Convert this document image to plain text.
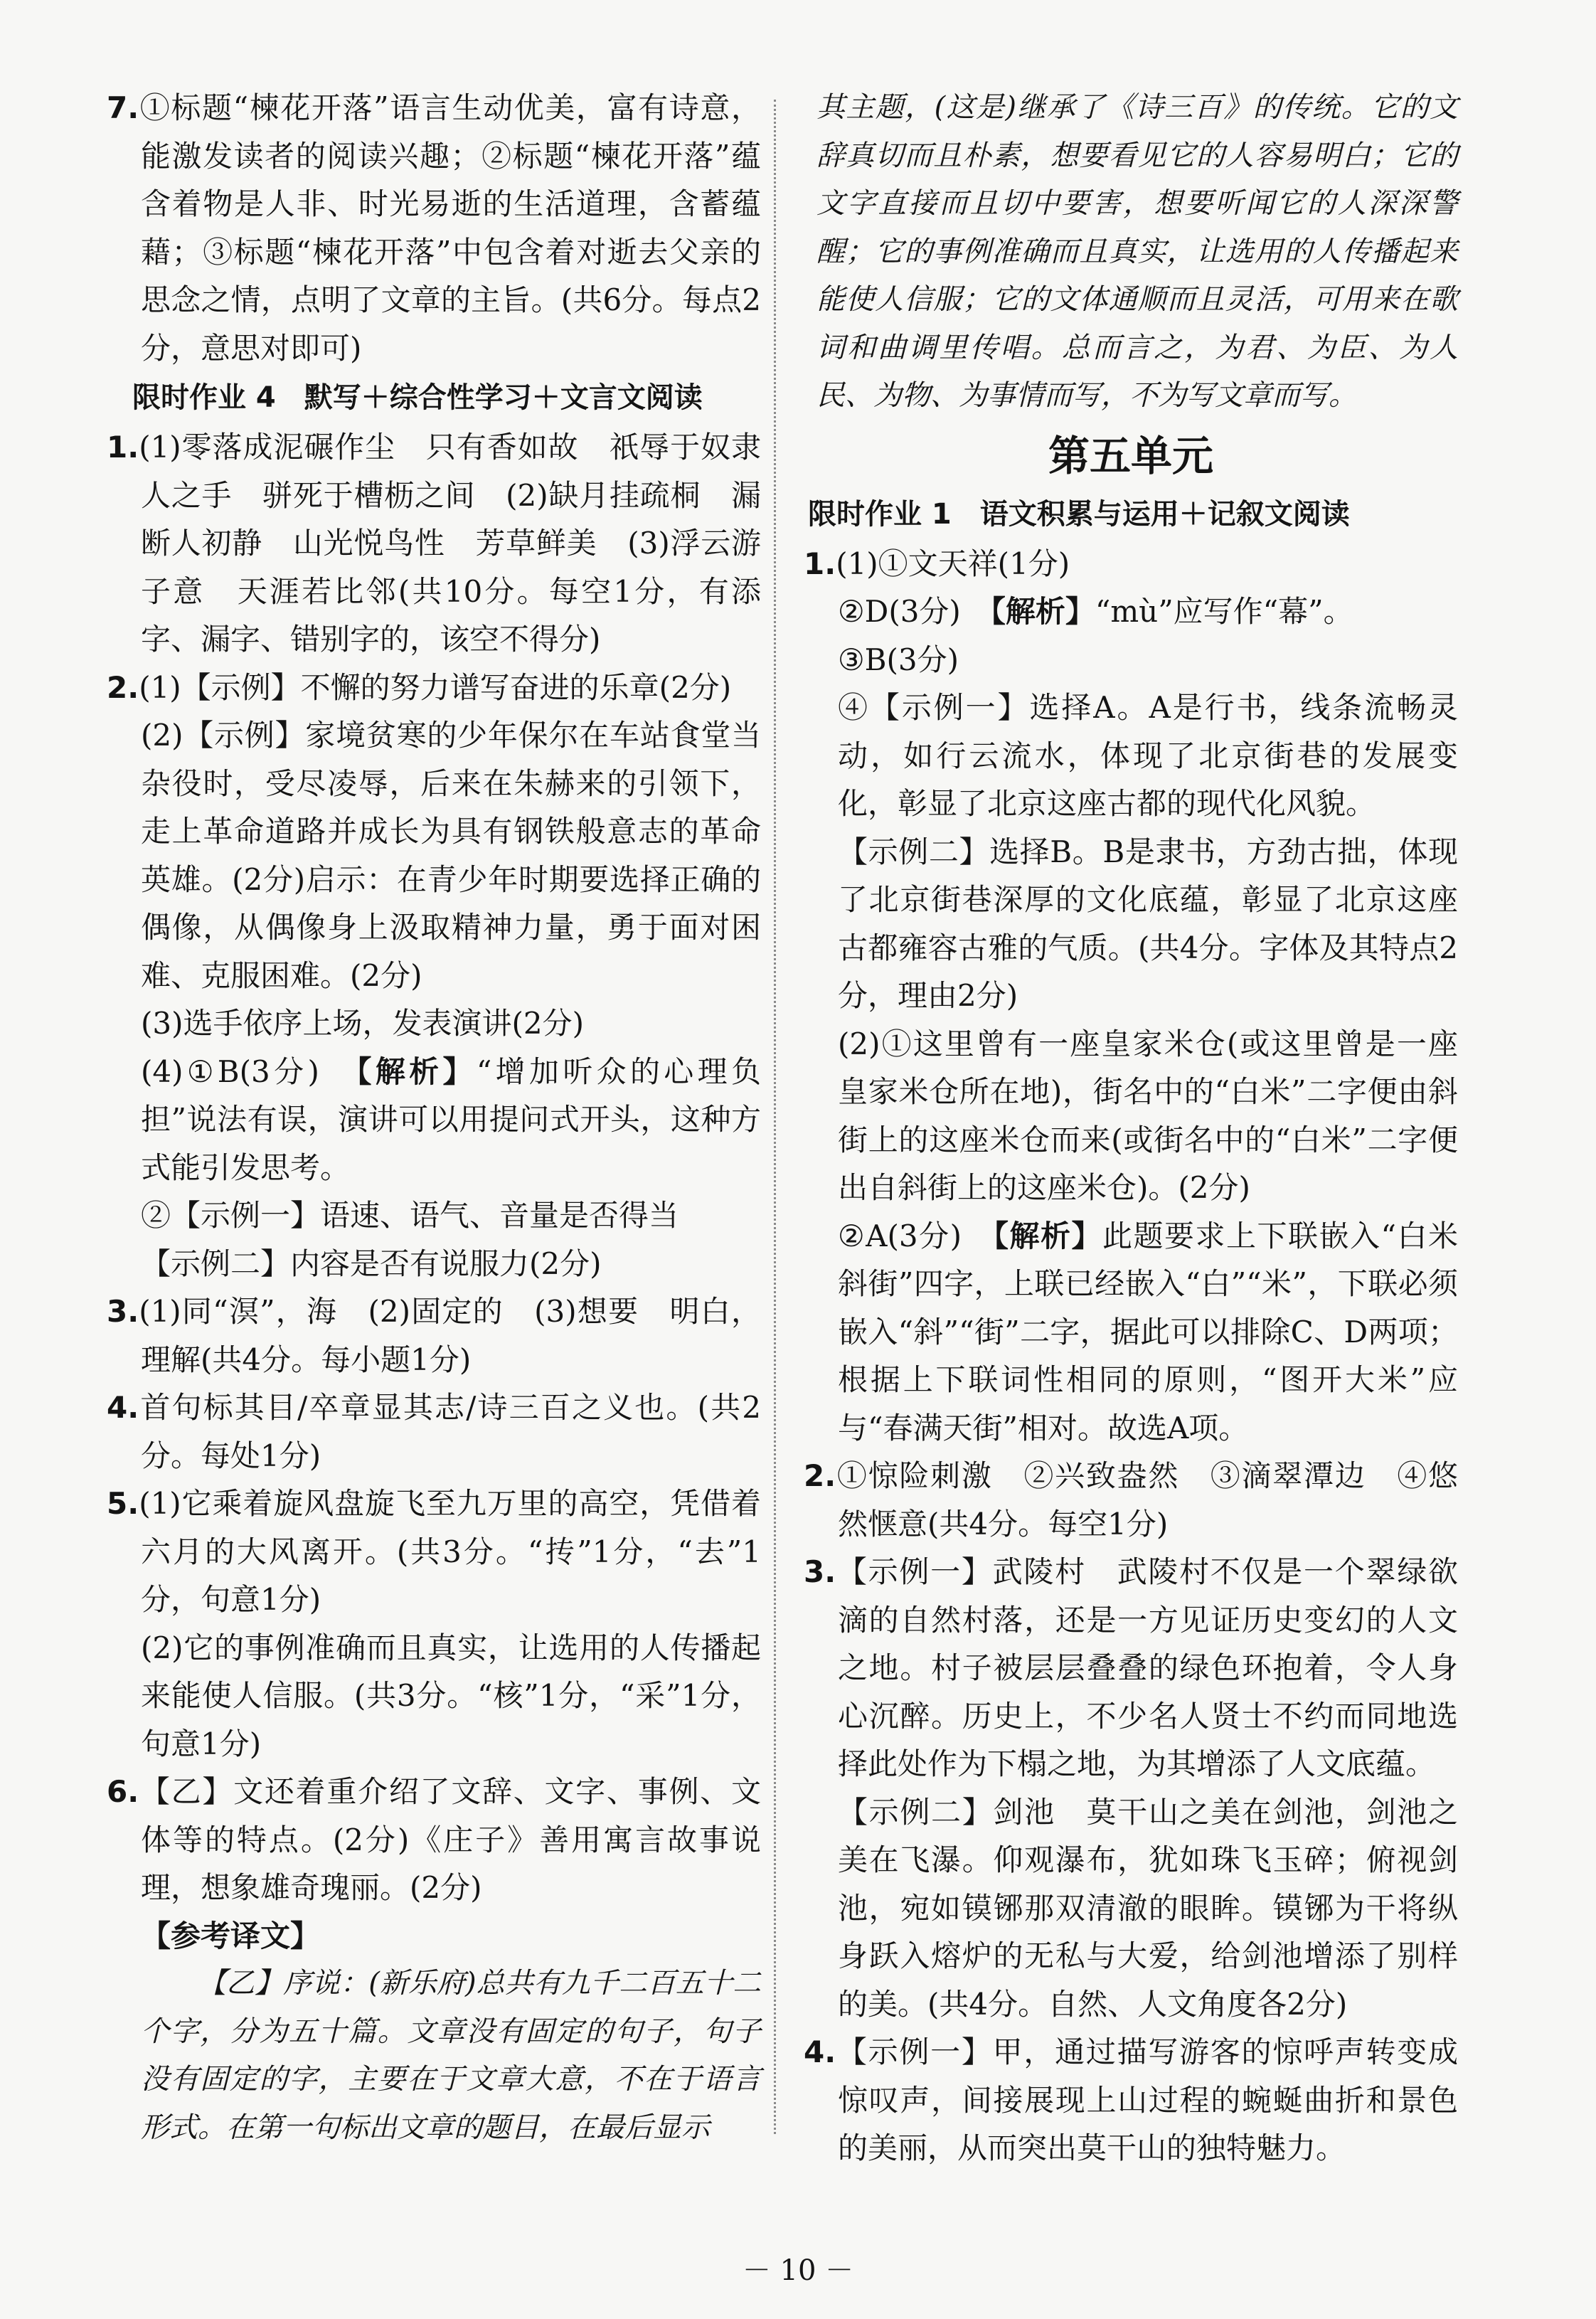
7.①标题“楝花开落”语言生动优美，富有诗意，能激发读者的阅读兴趣；②标题“楝花开落”蕴含着物是人非、时光易逝的生活道理，含蓄蕴藉；③标题“楝花开落”中包含着对逝去父亲的思念之情，点明了文章的主旨。(共6分。每点2分，意思对即可)

限时作业 4　默写＋综合性学习＋文言文阅读

1.(1)零落成泥碾作尘　只有香如故　祇辱于奴隶人之手　骈死于槽枥之间　(2)缺月挂疏桐　漏断人初静　山光悦鸟性　芳草鲜美　(3)浮云游子意　天涯若比邻(共10分。每空1分，有添字、漏字、错别字的，该空不得分)

2.(1)【示例】不懈的努力谱写奋进的乐章(2分)

(2)【示例】家境贫寒的少年保尔在车站食堂当杂役时，受尽凌辱，后来在朱赫来的引领下，走上革命道路并成长为具有钢铁般意志的革命英雄。(2分)启示：在青少年时期要选择正确的偶像，从偶像身上汲取精神力量，勇于面对困难、克服困难。(2分)

(3)选手依序上场，发表演讲(2分)

(4)①B(3分)　【解析】“增加听众的心理负担”说法有误，演讲可以用提问式开头，这种方式能引发思考。

②【示例一】语速、语气、音量是否得当

【示例二】内容是否有说服力(2分)

3.(1)同“溟”，海　(2)固定的　(3)想要　明白，理解(共4分。每小题1分)

4.首句标其目/卒章显其志/诗三百之义也。(共2分。每处1分)

5.(1)它乘着旋风盘旋飞至九万里的高空，凭借着六月的大风离开。(共3分。“抟”1分，“去”1分，句意1分)

(2)它的事例准确而且真实，让选用的人传播起来能使人信服。(共3分。“核”1分，“采”1分，句意1分)

6.【乙】文还着重介绍了文辞、文字、事例、文体等的特点。(2分)《庄子》善用寓言故事说理，想象雄奇瑰丽。(2分)

【参考译文】

【乙】序说：(新乐府)总共有九千二百五十二个字，分为五十篇。文章没有固定的句子，句子没有固定的字，主要在于文章大意，不在于语言形式。在第一句标出文章的题目，在最后显示

其主题，(这是)继承了《诗三百》的传统。它的文辞真切而且朴素，想要看见它的人容易明白；它的文字直接而且切中要害，想要听闻它的人深深警醒；它的事例准确而且真实，让选用的人传播起来能使人信服；它的文体通顺而且灵活，可用来在歌词和曲调里传唱。总而言之，为君、为臣、为人民、为物、为事情而写，不为写文章而写。

第五单元

限时作业 1　语文积累与运用＋记叙文阅读

1.(1)①文天祥(1分)

②D(3分)　【解析】“mù”应写作“幕”。

③B(3分)

④【示例一】选择A。A是行书，线条流畅灵动，如行云流水，体现了北京街巷的发展变化，彰显了北京这座古都的现代化风貌。

【示例二】选择B。B是隶书，方劲古拙，体现了北京街巷深厚的文化底蕴，彰显了北京这座古都雍容古雅的气质。(共4分。字体及其特点2分，理由2分)

(2)①这里曾有一座皇家米仓(或这里曾是一座皇家米仓所在地)，街名中的“白米”二字便由斜街上的这座米仓而来(或街名中的“白米”二字便出自斜街上的这座米仓)。(2分)

②A(3分)　【解析】此题要求上下联嵌入“白米斜街”四字，上联已经嵌入“白”“米”，下联必须嵌入“斜”“街”二字，据此可以排除C、D两项；根据上下联词性相同的原则，“图开大米”应与“春满天街”相对。故选A项。

2.①惊险刺激　②兴致盎然　③滴翠潭边　④悠然惬意(共4分。每空1分)

3.【示例一】武陵村　武陵村不仅是一个翠绿欲滴的自然村落，还是一方见证历史变幻的人文之地。村子被层层叠叠的绿色环抱着，令人身心沉醉。历史上，不少名人贤士不约而同地选择此处作为下榻之地，为其增添了人文底蕴。

【示例二】剑池　莫干山之美在剑池，剑池之美在飞瀑。仰观瀑布，犹如珠飞玉碎；俯视剑池，宛如镆铘那双清澈的眼眸。镆铘为干将纵身跃入熔炉的无私与大爱，给剑池增添了别样的美。(共4分。自然、人文角度各2分)

4.【示例一】甲，通过描写游客的惊呼声转变成惊叹声，间接展现上山过程的蜿蜒曲折和景色的美丽，从而突出莫干山的独特魅力。

－ 10 －
